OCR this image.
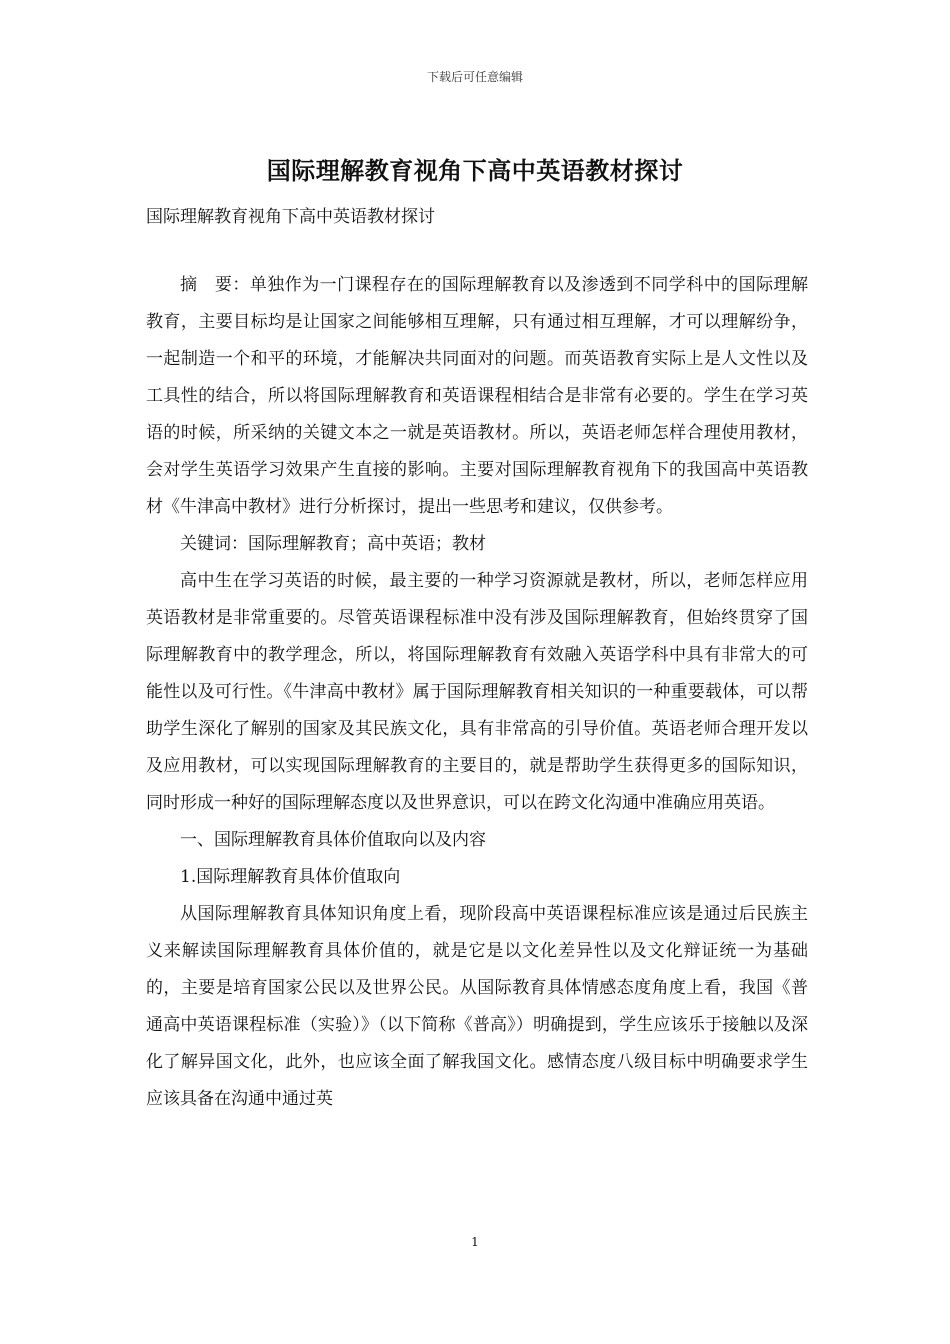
下载后可任意编辑
国际理解教育视角下高中英语教材探讨
国际理解教育视角下高中英语教材探讨

摘　要：单独作为一门课程存在的国际理解教育以及渗透到不同学科中的国际理解教育，主要目标均是让国家之间能够相互理解，只有通过相互理解，才可以理解纷争，一起制造一个和平的环境，才能解决共同面对的问题。而英语教育实际上是人文性以及工具性的结合，所以将国际理解教育和英语课程相结合是非常有必要的。学生在学习英语的时候，所采纳的关键文本之一就是英语教材。所以，英语老师怎样合理使用教材，会对学生英语学习效果产生直接的影响。主要对国际理解教育视角下的我国高中英语教材《牛津高中教材》进行分析探讨，提出一些思考和建议，仅供参考。

关键词：国际理解教育；高中英语；教材

高中生在学习英语的时候，最主要的一种学习资源就是教材，所以，老师怎样应用英语教材是非常重要的。尽管英语课程标准中没有涉及国际理解教育，但始终贯穿了国际理解教育中的教学理念，所以，将国际理解教育有效融入英语学科中具有非常大的可能性以及可行性。《牛津高中教材》属于国际理解教育相关知识的一种重要载体，可以帮助学生深化了解别的国家及其民族文化，具有非常高的引导价值。英语老师合理开发以及应用教材，可以实现国际理解教育的主要目的，就是帮助学生获得更多的国际知识，同时形成一种好的国际理解态度以及世界意识，可以在跨文化沟通中准确应用英语。

一、国际理解教育具体价值取向以及内容

1.国际理解教育具体价值取向

从国际理解教育具体知识角度上看，现阶段高中英语课程标准应该是通过后民族主义来解读国际理解教育具体价值的，就是它是以文化差异性以及文化辩证统一为基础的，主要是培育国家公民以及世界公民。从国际教育具体情感态度角度上看，我国《普通高中英语课程标准（实验）》（以下简称《普高》）明确提到，学生应该乐于接触以及深化了解异国文化，此外，也应该全面了解我国文化。感情态度八级目标中明确要求学生应该具备在沟通中通过英

1
